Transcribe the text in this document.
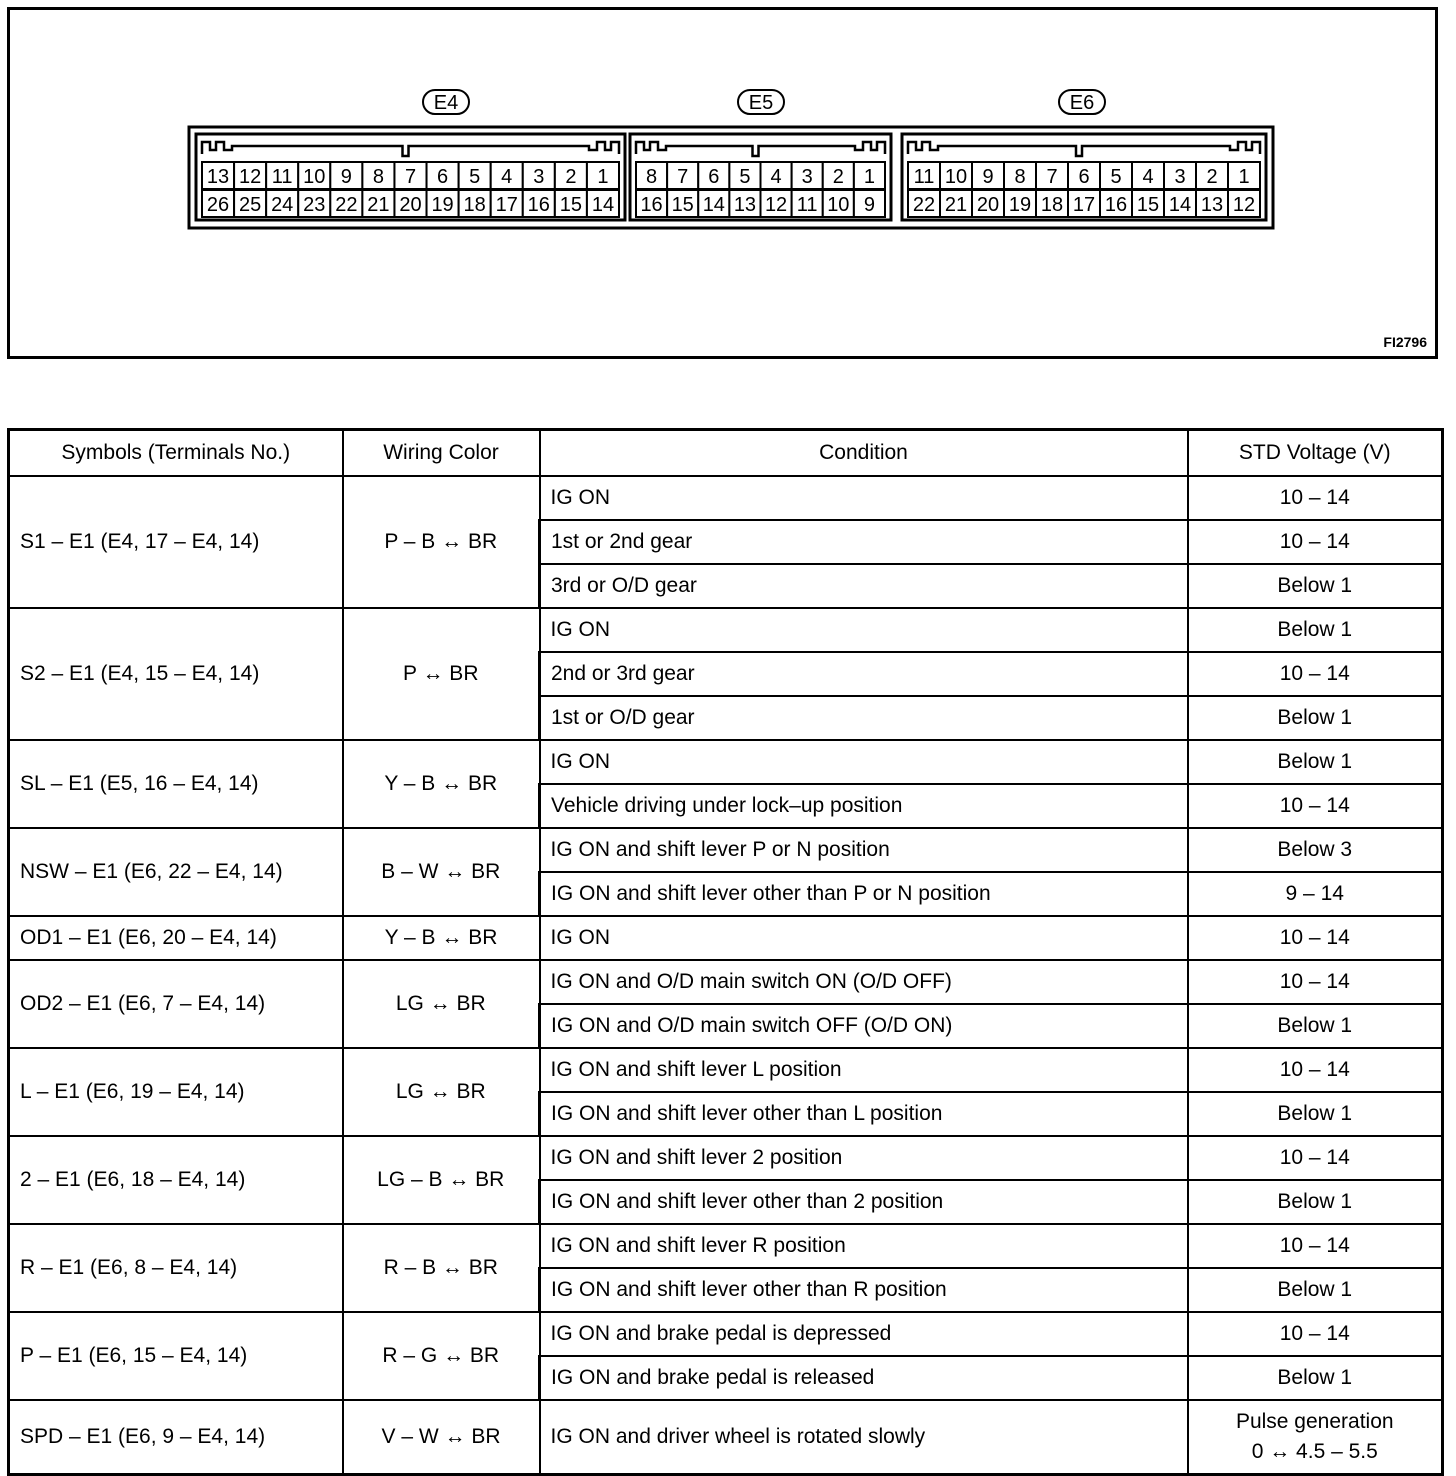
E4
13 12 11 10 9 8 7 6 5 4 3 2 1
26 25 24 23 22 21 20 19 18 17 16 15 14
E5
8 7 6 5 4 3 2 1
16 15 14 13 12 11 10 9
E6
11 10 9 8 7 6 5 4 3 2 1
22 21 20 19 18 17 16 15 14 13 12
FI2796
Symbols (Terminals No.)	Wiring Color	Condition	STD Voltage (V)
S1 – E1 (E4, 17 – E4, 14)	P – B ↔ BR	IG ON	10 – 14
		1st or 2nd gear	10 – 14
		3rd or O/D gear	Below 1
S2 – E1 (E4, 15 – E4, 14)	P ↔ BR	IG ON	Below 1
		2nd or 3rd gear	10 – 14
		1st or O/D gear	Below 1
SL – E1 (E5, 16 – E4, 14)	Y – B ↔ BR	IG ON	Below 1
		Vehicle driving under lock–up position	10 – 14
NSW – E1 (E6, 22 – E4, 14)	B – W ↔ BR	IG ON and shift lever P or N position	Below 3
		IG ON and shift lever other than P or N position	9 – 14
OD1 – E1 (E6, 20 – E4, 14)	Y – B ↔ BR	IG ON	10 – 14
OD2 – E1 (E6, 7 – E4, 14)	LG ↔ BR	IG ON and O/D main switch ON (O/D OFF)	10 – 14
		IG ON and O/D main switch OFF (O/D ON)	Below 1
L – E1 (E6, 19 – E4, 14)	LG ↔ BR	IG ON and shift lever L position	10 – 14
		IG ON and shift lever other than L position	Below 1
2 – E1 (E6, 18 – E4, 14)	LG – B ↔ BR	IG ON and shift lever 2 position	10 – 14
		IG ON and shift lever other than 2 position	Below 1
R – E1 (E6, 8 – E4, 14)	R – B ↔ BR	IG ON and shift lever R position	10 – 14
		IG ON and shift lever other than R position	Below 1
P – E1 (E6, 15 – E4, 14)	R – G ↔ BR	IG ON and brake pedal is depressed	10 – 14
		IG ON and brake pedal is released	Below 1
SPD – E1 (E6, 9 – E4, 14)	V – W ↔ BR	IG ON and driver wheel is rotated slowly	Pulse generation
0 ↔ 4.5 – 5.5
